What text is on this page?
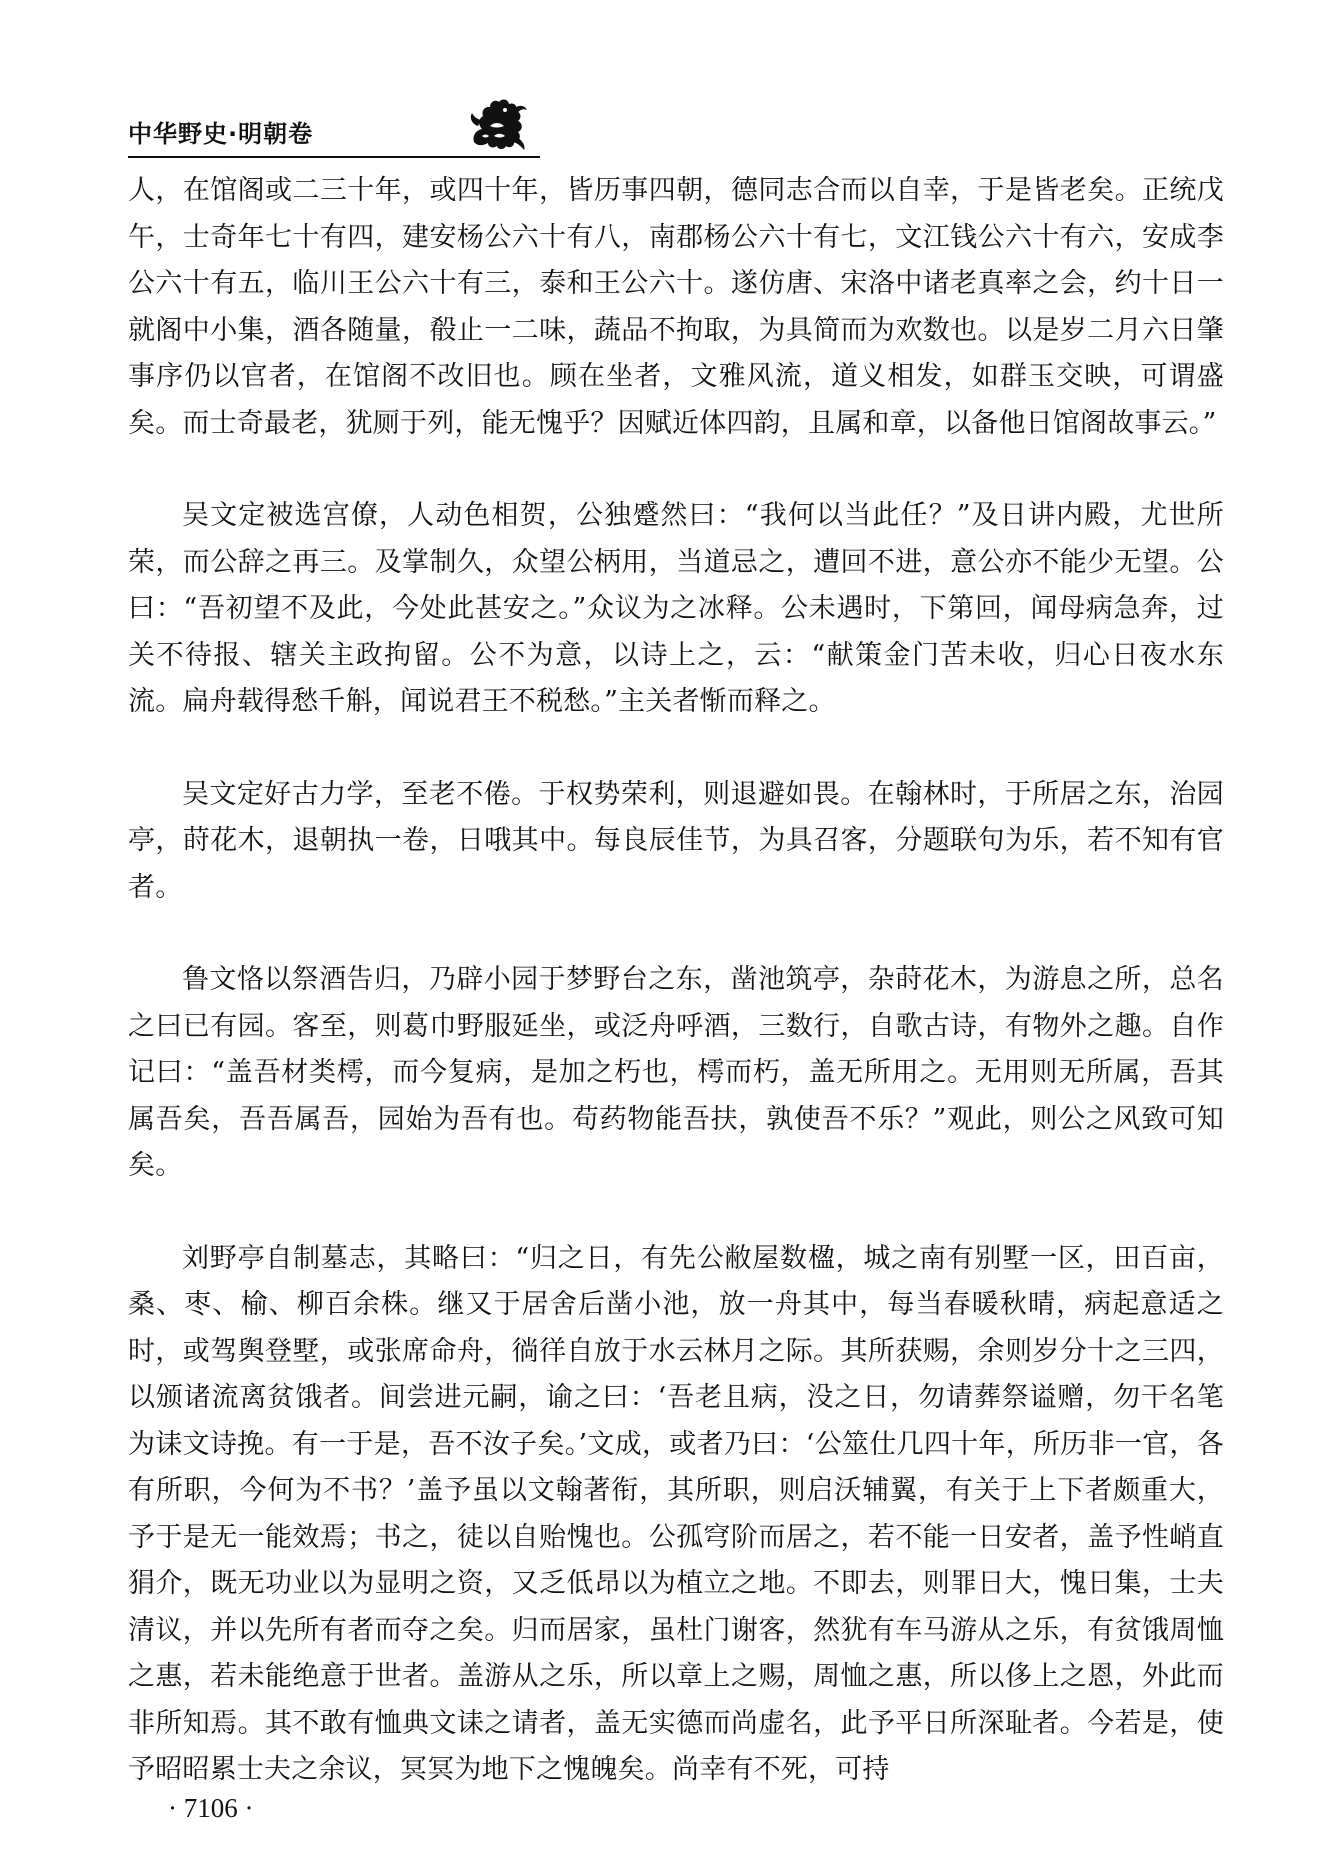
中华野史·明朝卷

人，在馆阁或二三十年，或四十年，皆历事四朝，德同志合而以自幸，于是皆老矣。正统戊午，士奇年七十有四，建安杨公六十有八，南郡杨公六十有七，文江钱公六十有六，安成李公六十有五，临川王公六十有三，泰和王公六十。遂仿唐、宋洛中诸老真率之会，约十日一就阁中小集，酒各随量，殽止一二味，蔬品不拘取，为具简而为欢数也。以是岁二月六日肇事序仍以官者，在馆阁不改旧也。顾在坐者，文雅风流，道义相发，如群玉交映，可谓盛矣。而士奇最老，犹厕于列，能无愧乎？因赋近体四韵，且属和章，以备他日馆阁故事云。”

吴文定被选宫僚，人动色相贺，公独蹙然曰：“我何以当此任？”及日讲内殿，尤世所荣，而公辞之再三。及掌制久，众望公柄用，当道忌之，遭回不进，意公亦不能少无望。公曰：“吾初望不及此，今处此甚安之。”众议为之冰释。公未遇时，下第回，闻母病急奔，过关不待报、辖关主政拘留。公不为意，以诗上之，云：“献策金门苦未收，归心日夜水东流。扁舟载得愁千斛，闻说君王不税愁。”主关者惭而释之。

吴文定好古力学，至老不倦。于权势荣利，则退避如畏。在翰林时，于所居之东，治园亭，莳花木，退朝执一卷，日哦其中。每良辰佳节，为具召客，分题联句为乐，若不知有官者。

鲁文恪以祭酒告归，乃辟小园于梦野台之东，凿池筑亭，杂莳花木，为游息之所，总名之曰已有园。客至，则葛巾野服延坐，或泛舟呼酒，三数行，自歌古诗，有物外之趣。自作记曰：“盖吾材类樗，而今复病，是加之朽也，樗而朽，盖无所用之。无用则无所属，吾其属吾矣，吾吾属吾，园始为吾有也。苟药物能吾扶，孰使吾不乐？”观此，则公之风致可知矣。

刘野亭自制墓志，其略曰：“归之日，有先公敝屋数楹，城之南有别墅一区，田百亩，桑、枣、榆、柳百余株。继又于居舍后凿小池，放一舟其中，每当春暖秋晴，病起意适之时，或驾舆登墅，或张席命舟，徜徉自放于水云林月之际。其所获赐，余则岁分十之三四，以颁诸流离贫饿者。间尝进元嗣，谕之曰：‘吾老且病，没之日，勿请葬祭谥赠，勿干名笔为诔文诗挽。有一于是，吾不汝子矣。’文成，或者乃曰：‘公筮仕几四十年，所历非一官，各有所职，今何为不书？’盖予虽以文翰著衔，其所职，则启沃辅翼，有关于上下者颇重大，予于是无一能效焉；书之，徒以自贻愧也。公孤穹阶而居之，若不能一日安者，盖予性峭直狷介，既无功业以为显明之资，又乏低昂以为植立之地。不即去，则罪日大，愧日集，士夫清议，并以先所有者而夺之矣。归而居家，虽杜门谢客，然犹有车马游从之乐，有贫饿周恤之惠，若未能绝意于世者。盖游从之乐，所以章上之赐，周恤之惠，所以侈上之恩，外此而非所知焉。其不敢有恤典文诔之请者，盖无实德而尚虚名，此予平日所深耻者。今若是，使予昭昭累士夫之余议，冥冥为地下之愧魄矣。尚幸有不死，可持

· 7106 ·
